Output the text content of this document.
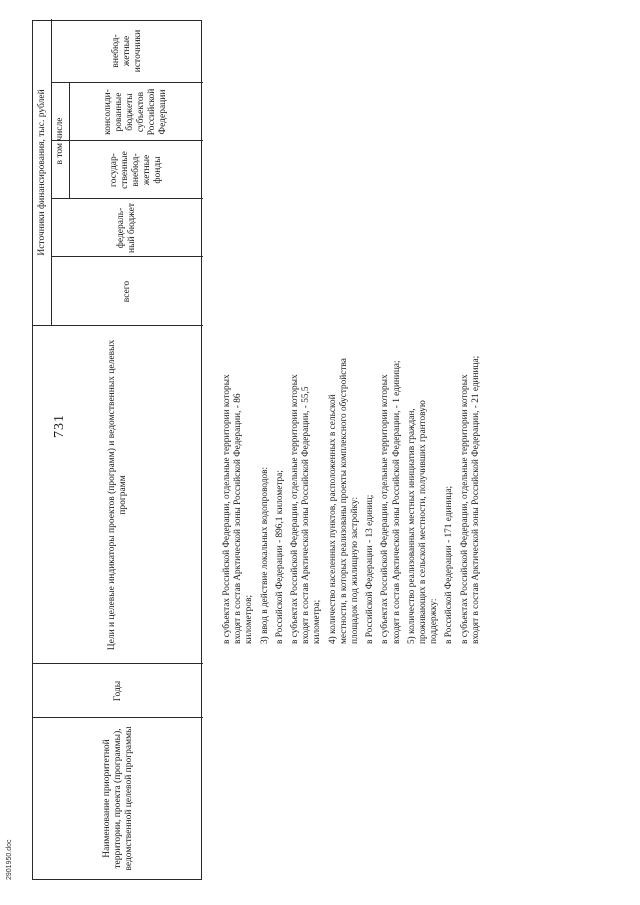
731
Наименование приоритетной территории, проекта (программы), ведомственной целевой программы
Годы
Цели и целевые индикаторы проектов (программ) и ведомственных целевых программ
Источники финансирования, тыс. рублей
всего
федераль- ный бюджет
в том числе
государ- ственные внебюд- жетные фонды
консолиди- рованные бюджеты субъектов Российской Федерации
внебюд- жетные источники

в субъектах Российской Федерации, отдельные территории которых входят в состав Арктической зоны Российской Федерации, - 86 километров; 3) ввод в действие локальных водопроводов: в Российской Федерации - 896,1 километра; в субъектах Российской Федерации, отдельные территории которых входят в состав Арктической зоны Российской Федерации, - 55,5 километра; 4) количество населенных пунктов, расположенных в сельской местности, в которых реализованы проекты комплексного обустройства площадок под жилищную застройку: в Российской Федерации - 13 единиц; в субъектах Российской Федерации, отдельные территории которых входят в состав Арктической зоны Российской Федерации, - 1 единица; 5) количество реализованных местных инициатив граждан, проживающих в сельской местности, получивших грантовую поддержку: в Российской Федерации - 171 единица; в субъектах Российской Федерации, отдельные территории которых входят в состав Арктической зоны Российской Федерации, - 21 единица;

2901950.doc
